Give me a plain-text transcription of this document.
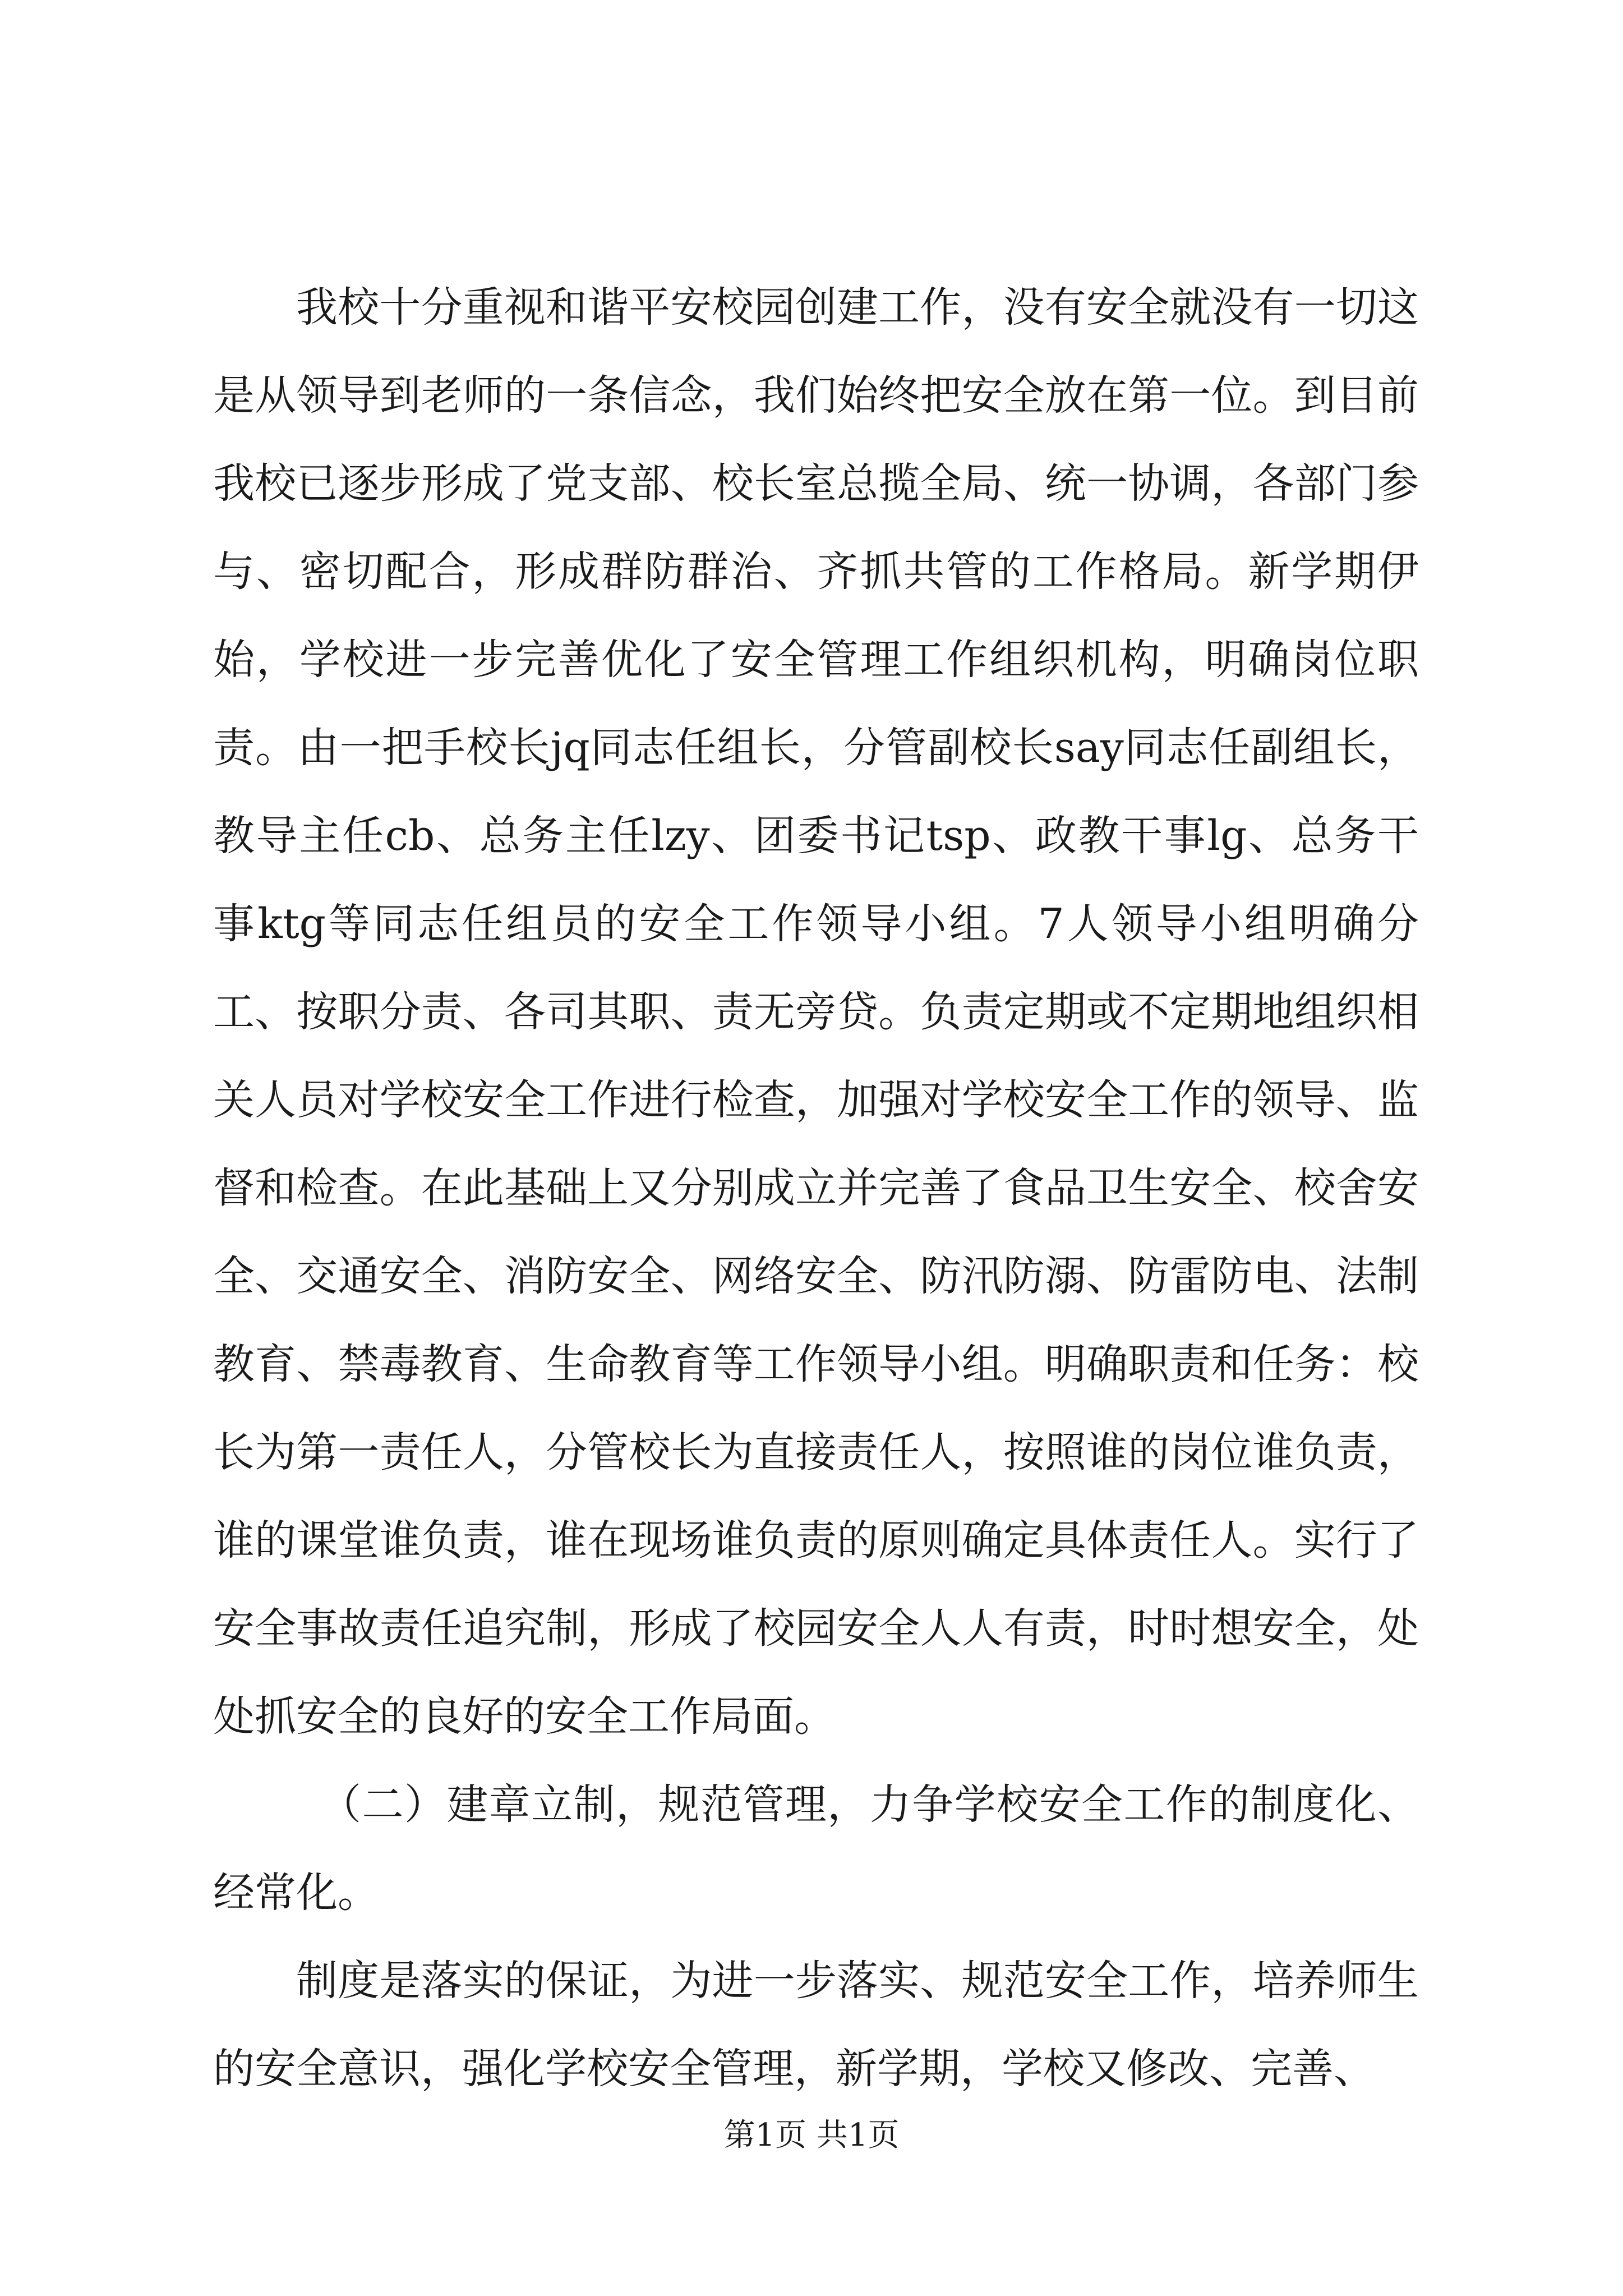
我校十分重视和谐平安校园创建工作，没有安全就没有一切这是从领导到老师的一条信念，我们始终把安全放在第一位。到目前我校已逐步形成了党支部、校长室总揽全局、统一协调，各部门参与、密切配合，形成群防群治、齐抓共管的工作格局。新学期伊始，学校进一步完善优化了安全管理工作组织机构，明确岗位职责。由一把手校长jq同志任组长，分管副校长say同志任副组长，教导主任cb、总务主任lzy、团委书记tsp、政教干事lg、总务干事ktg等同志任组员的安全工作领导小组。7人领导小组明确分工、按职分责、各司其职、责无旁贷。负责定期或不定期地组织相关人员对学校安全工作进行检查，加强对学校安全工作的领导、监督和检查。在此基础上又分别成立并完善了食品卫生安全、校舍安全、交通安全、消防安全、网络安全、防汛防溺、防雷防电、法制教育、禁毒教育、生命教育等工作领导小组。明确职责和任务：校长为第一责任人，分管校长为直接责任人，按照谁的岗位谁负责，谁的课堂谁负责，谁在现场谁负责的原则确定具体责任人。实行了安全事故责任追究制，形成了校园安全人人有责，时时想安全，处处抓安全的良好的安全工作局面。

（二）建章立制，规范管理，力争学校安全工作的制度化、经常化。

制度是落实的保证，为进一步落实、规范安全工作，培养师生的安全意识，强化学校安全管理，新学期，学校又修改、完善、

第1页 共1页
